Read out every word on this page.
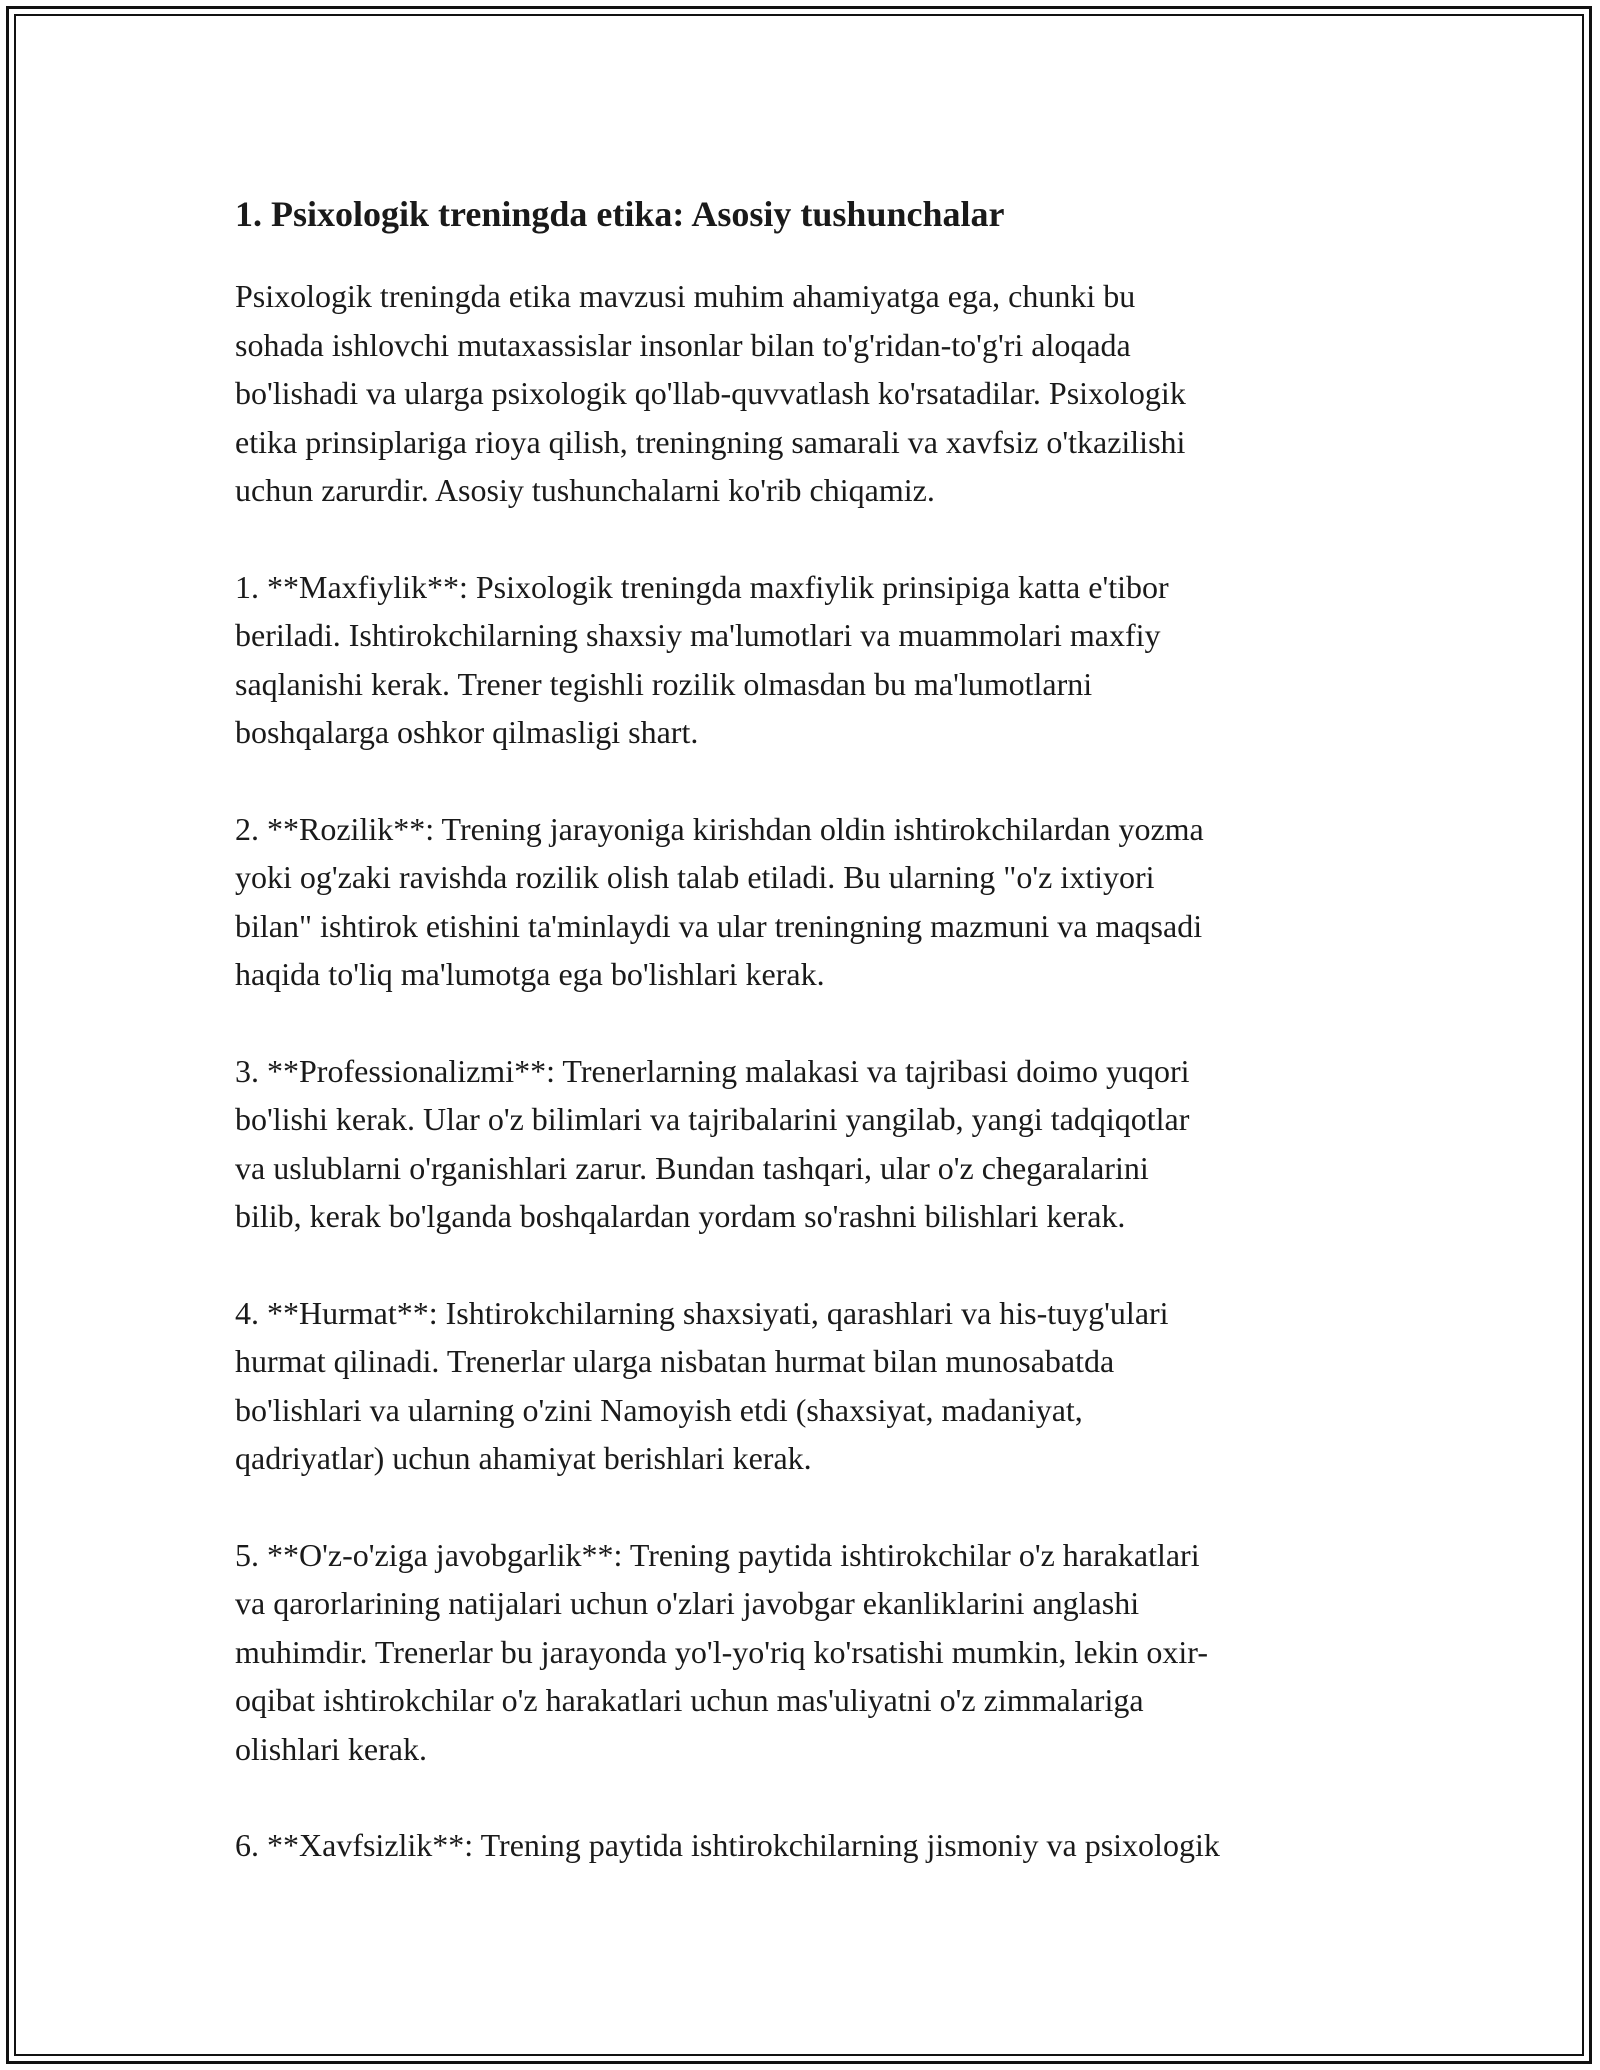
1. Psixologik treningda etika: Asosiy tushunchalar

Psixologik treningda etika mavzusi muhim ahamiyatga ega, chunki bu
sohada ishlovchi mutaxassislar insonlar bilan to'g'ridan-to'g'ri aloqada
bo'lishadi va ularga psixologik qo'llab-quvvatlash ko'rsatadilar. Psixologik
etika prinsiplariga rioya qilish, treningning samarali va xavfsiz o'tkazilishi
uchun zarurdir. Asosiy tushunchalarni ko'rib chiqamiz.

1. **Maxfiylik**: Psixologik treningda maxfiylik prinsipiga katta e'tibor
beriladi. Ishtirokchilarning shaxsiy ma'lumotlari va muammolari maxfiy
saqlanishi kerak. Trener tegishli rozilik olmasdan bu ma'lumotlarni
boshqalarga oshkor qilmasligi shart.

2. **Rozilik**: Trening jarayoniga kirishdan oldin ishtirokchilardan yozma
yoki og'zaki ravishda rozilik olish talab etiladi. Bu ularning "o'z ixtiyori
bilan" ishtirok etishini ta'minlaydi va ular treningning mazmuni va maqsadi
haqida to'liq ma'lumotga ega bo'lishlari kerak.

3. **Professionalizmi**: Trenerlarning malakasi va tajribasi doimo yuqori
bo'lishi kerak. Ular o'z bilimlari va tajribalarini yangilab, yangi tadqiqotlar
va uslublarni o'rganishlari zarur. Bundan tashqari, ular o'z chegaralarini
bilib, kerak bo'lganda boshqalardan yordam so'rashni bilishlari kerak.

4. **Hurmat**: Ishtirokchilarning shaxsiyati, qarashlari va his-tuyg'ulari
hurmat qilinadi. Trenerlar ularga nisbatan hurmat bilan munosabatda
bo'lishlari va ularning o'zini Namoyish etdi (shaxsiyat, madaniyat,
qadriyatlar) uchun ahamiyat berishlari kerak.

5. **O'z-o'ziga javobgarlik**: Trening paytida ishtirokchilar o'z harakatlari
va qarorlarining natijalari uchun o'zlari javobgar ekanliklarini anglashi
muhimdir. Trenerlar bu jarayonda yo'l-yo'riq ko'rsatishi mumkin, lekin oxir-
oqibat ishtirokchilar o'z harakatlari uchun mas'uliyatni o'z zimmalariga
olishlari kerak.

6. **Xavfsizlik**: Trening paytida ishtirokchilarning jismoniy va psixologik
